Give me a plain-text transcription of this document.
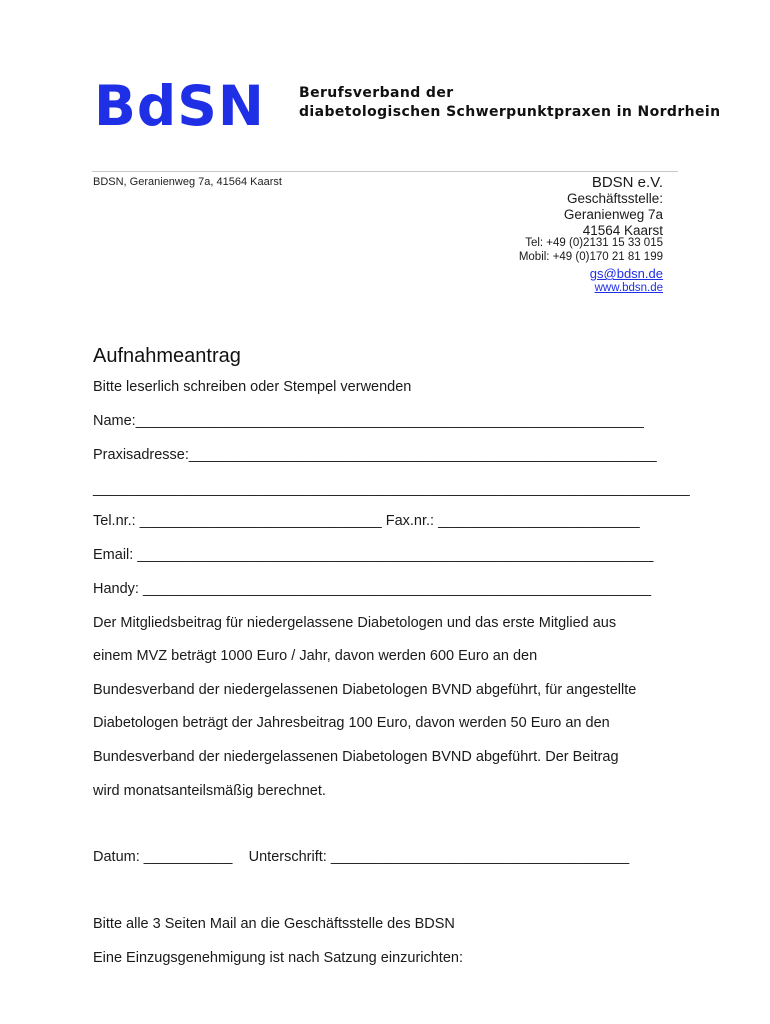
BdSN Berufsverband der
diabetologischen Schwerpunktpraxen in Nordrhein
BDSN, Geranienweg 7a, 41564 Kaarst	BDSN e.V.
Geschäftsstelle:
Geranienweg 7a
41564 Kaarst
Tel: +49 (0)2131 15 33 015
Mobil: +49 (0)170 21 81 199
gs@bdsn.de
www.bdsn.de
Aufnahmeantrag
Bitte leserlich schreiben oder Stempel verwenden
Name:_______________________________________________________________
Praxisadresse:__________________________________________________________
__________________________________________________________________________
Tel.nr.: ______________________________ Fax.nr.: _________________________
Email: ________________________________________________________________
Handy: _______________________________________________________________
Der Mitgliedsbeitrag für niedergelassene Diabetologen und das erste Mitglied aus
einem MVZ beträgt 1000 Euro / Jahr, davon werden 600 Euro an den
Bundesverband der niedergelassenen Diabetologen BVND abgeführt, für angestellte
Diabetologen beträgt der Jahresbeitrag 100 Euro, davon werden 50 Euro an den
Bundesverband der niedergelassenen Diabetologen BVND abgeführt. Der Beitrag
wird monatsanteilsmäßig berechnet.
Datum: ___________ Unterschrift: _____________________________________
Bitte alle 3 Seiten Mail an die Geschäftsstelle des BDSN
Eine Einzugsgenehmigung ist nach Satzung einzurichten:
